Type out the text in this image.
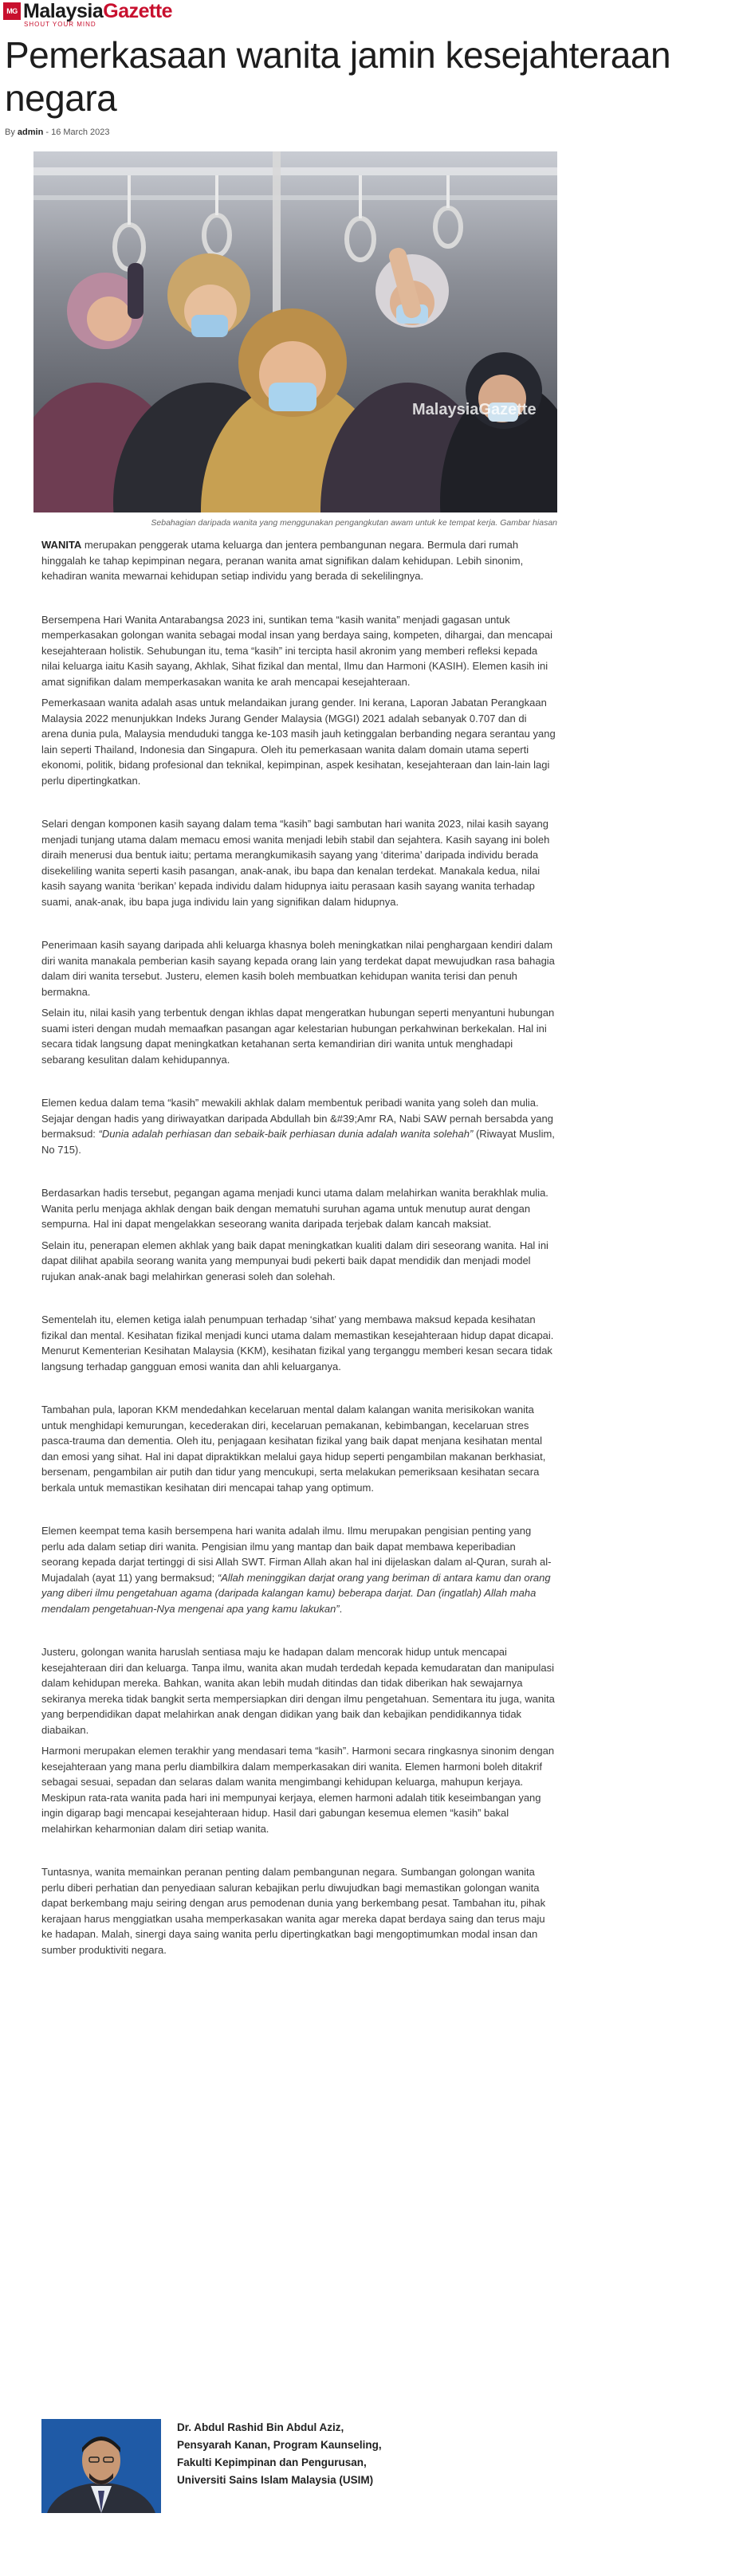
MG MalaysiaGazette
SHOUT YOUR MIND
Pemerkasaan wanita jamin kesejahteraan negara
By admin - 16 March 2023
MalaysiaGazette

Sebahagian daripada wanita yang menggunakan pengangkutan awam untuk ke tempat kerja. Gambar hiasan

WANITA merupakan penggerak utama keluarga dan jentera pembangunan negara. Bermula dari rumah hinggalah ke tahap kepimpinan negara, peranan wanita amat signifikan dalam kehidupan. Lebih sinonim, kehadiran wanita mewarnai kehidupan setiap individu yang berada di sekelilingnya.

Bersempena Hari Wanita Antarabangsa 2023 ini, suntikan tema “kasih wanita” menjadi gagasan untuk memperkasakan golongan wanita sebagai modal insan yang berdaya saing, kompeten, dihargai, dan mencapai kesejahteraan holistik. Sehubungan itu, tema “kasih” ini tercipta hasil akronim yang memberi refleksi kepada nilai keluarga iaitu Kasih sayang, Akhlak, Sihat fizikal dan mental, Ilmu dan Harmoni (KASIH). Elemen kasih ini amat signifikan dalam memperkasakan wanita ke arah mencapai kesejahteraan.

Pemerkasaan wanita adalah asas untuk melandaikan jurang gender. Ini kerana, Laporan Jabatan Perangkaan Malaysia 2022 menunjukkan Indeks Jurang Gender Malaysia (MGGI) 2021 adalah sebanyak 0.707 dan di arena dunia pula, Malaysia menduduki tangga ke-103 masih jauh ketinggalan berbanding negara serantau yang lain seperti Thailand, Indonesia dan Singapura. Oleh itu pemerkasaan wanita dalam domain utama seperti ekonomi, politik, bidang profesional dan teknikal, kepimpinan, aspek kesihatan, kesejahteraan dan lain-lain lagi perlu dipertingkatkan.

Selari dengan komponen kasih sayang dalam tema “kasih” bagi sambutan hari wanita 2023, nilai kasih sayang menjadi tunjang utama dalam memacu emosi wanita menjadi lebih stabil dan sejahtera. Kasih sayang ini boleh diraih menerusi dua bentuk iaitu; pertama merangkumikasih sayang yang ‘diterima’ daripada individu berada disekeliling wanita seperti kasih pasangan, anak-anak, ibu bapa dan kenalan terdekat. Manakala kedua, nilai kasih sayang wanita ‘berikan’ kepada individu dalam hidupnya iaitu perasaan kasih sayang wanita terhadap suami, anak-anak, ibu bapa juga individu lain yang signifikan dalam hidupnya.

Penerimaan kasih sayang daripada ahli keluarga khasnya boleh meningkatkan nilai penghargaan kendiri dalam diri wanita manakala pemberian kasih sayang kepada orang lain yang terdekat dapat mewujudkan rasa bahagia dalam diri wanita tersebut. Justeru, elemen kasih boleh membuatkan kehidupan wanita terisi dan penuh bermakna.

Selain itu, nilai kasih yang terbentuk dengan ikhlas dapat mengeratkan hubungan seperti menyantuni hubungan suami isteri dengan mudah memaafkan pasangan agar kelestarian hubungan perkahwinan berkekalan. Hal ini secara tidak langsung dapat meningkatkan ketahanan serta kemandirian diri wanita untuk menghadapi sebarang kesulitan dalam kehidupannya.

Elemen kedua dalam tema “kasih” mewakili akhlak dalam membentuk peribadi wanita yang soleh dan mulia. Sejajar dengan hadis yang diriwayatkan daripada Abdullah bin &#39;Amr RA, Nabi SAW pernah bersabda yang bermaksud: “Dunia adalah perhiasan dan sebaik-baik perhiasan dunia adalah wanita solehah” (Riwayat Muslim, No 715).

Berdasarkan hadis tersebut, pegangan agama menjadi kunci utama dalam melahirkan wanita berakhlak mulia. Wanita perlu menjaga akhlak dengan baik dengan mematuhi suruhan agama untuk menutup aurat dengan sempurna. Hal ini dapat mengelakkan seseorang wanita daripada terjebak dalam kancah maksiat.

Selain itu, penerapan elemen akhlak yang baik dapat meningkatkan kualiti dalam diri seseorang wanita. Hal ini dapat dilihat apabila seorang wanita yang mempunyai budi pekerti baik dapat mendidik dan menjadi model rujukan anak-anak bagi melahirkan generasi soleh dan solehah.

Sementelah itu, elemen ketiga ialah penumpuan terhadap ‘sihat’ yang membawa maksud kepada kesihatan fizikal dan mental. Kesihatan fizikal menjadi kunci utama dalam memastikan kesejahteraan hidup dapat dicapai. Menurut Kementerian Kesihatan Malaysia (KKM), kesihatan fizikal yang terganggu memberi kesan secara tidak langsung terhadap gangguan emosi wanita dan ahli keluarganya.

Tambahan pula, laporan KKM mendedahkan kecelaruan mental dalam kalangan wanita merisikokan wanita untuk menghidapi kemurungan, kecederakan diri, kecelaruan pemakanan, kebimbangan, kecelaruan stres pasca-trauma dan dementia. Oleh itu, penjagaan kesihatan fizikal yang baik dapat menjana kesihatan mental dan emosi yang sihat. Hal ini dapat dipraktikkan melalui gaya hidup seperti pengambilan makanan berkhasiat, bersenam, pengambilan air putih dan tidur yang mencukupi, serta melakukan pemeriksaan kesihatan secara berkala untuk memastikan kesihatan diri mencapai tahap yang optimum.

Elemen keempat tema kasih bersempena hari wanita adalah ilmu. Ilmu merupakan pengisian penting yang perlu ada dalam setiap diri wanita. Pengisian ilmu yang mantap dan baik dapat membawa keperibadian seorang kepada darjat tertinggi di sisi Allah SWT. Firman Allah akan hal ini dijelaskan dalam al-Quran, surah al-Mujadalah (ayat 11) yang bermaksud; “Allah meninggikan darjat orang yang beriman di antara kamu dan orang yang diberi ilmu pengetahuan agama (daripada kalangan kamu) beberapa darjat. Dan (ingatlah) Allah maha mendalam pengetahuan-Nya mengenai apa yang kamu lakukan”.

Justeru, golongan wanita haruslah sentiasa maju ke hadapan dalam mencorak hidup untuk mencapai kesejahteraan diri dan keluarga. Tanpa ilmu, wanita akan mudah terdedah kepada kemudaratan dan manipulasi dalam kehidupan mereka. Bahkan, wanita akan lebih mudah ditindas dan tidak diberikan hak sewajarnya sekiranya mereka tidak bangkit serta mempersiapkan diri dengan ilmu pengetahuan. Sementara itu juga, wanita yang berpendidikan dapat melahirkan anak dengan didikan yang baik dan kebajikan pendidikannya tidak diabaikan.

Harmoni merupakan elemen terakhir yang mendasari tema “kasih”. Harmoni secara ringkasnya sinonim dengan kesejahteraan yang mana perlu diambilkira dalam memperkasakan diri wanita. Elemen harmoni boleh ditakrif sebagai sesuai, sepadan dan selaras dalam wanita mengimbangi kehidupan keluarga, mahupun kerjaya. Meskipun rata-rata wanita pada hari ini mempunyai kerjaya, elemen harmoni adalah titik keseimbangan yang ingin digarap bagi mencapai kesejahteraan hidup. Hasil dari gabungan kesemua elemen “kasih” bakal melahirkan keharmonian dalam diri setiap wanita.

Tuntasnya, wanita memainkan peranan penting dalam pembangunan negara. Sumbangan golongan wanita perlu diberi perhatian dan penyediaan saluran kebajikan perlu diwujudkan bagi memastikan golongan wanita dapat berkembang maju seiring dengan arus pemodenan dunia yang berkembang pesat. Tambahan itu, pihak kerajaan harus menggiatkan usaha memperkasakan wanita agar mereka dapat berdaya saing dan terus maju ke hadapan. Malah, sinergi daya saing wanita perlu dipertingkatkan bagi mengoptimumkan modal insan dan sumber produktiviti negara.

Dr. Abdul Rashid Bin Abdul Aziz,
Pensyarah Kanan, Program Kaunseling,
Fakulti Kepimpinan dan Pengurusan,
Universiti Sains Islam Malaysia (USIM)
